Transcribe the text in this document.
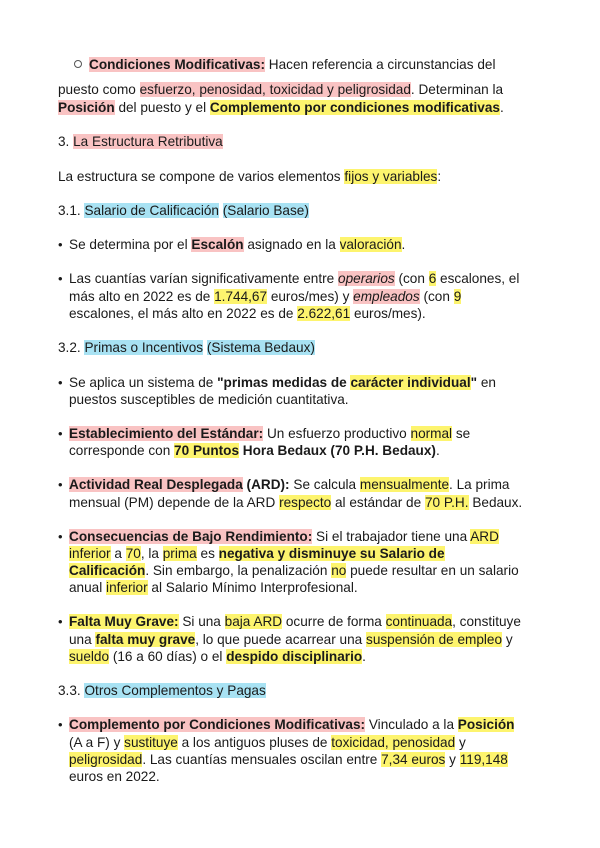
Condiciones Modificativas: Hacen referencia a circunstancias del
puesto como esfuerzo, penosidad, toxicidad y peligrosidad. Determinan la
Posición del puesto y el Complemento por condiciones modificativas.
3. La Estructura Retributiva
La estructura se compone de varios elementos fijos y variables:
3.1. Salario de Calificación (Salario Base)
• Se determina por el Escalón asignado en la valoración.
• Las cuantías varían significativamente entre operarios (con 6 escalones, el
más alto en 2022 es de 1.744,67 euros/mes) y empleados (con 9
escalones, el más alto en 2022 es de 2.622,61 euros/mes).
3.2. Primas o Incentivos (Sistema Bedaux)
• Se aplica un sistema de "primas medidas de carácter individual" en
puestos susceptibles de medición cuantitativa.
• Establecimiento del Estándar: Un esfuerzo productivo normal se
corresponde con 70 Puntos Hora Bedaux (70 P.H. Bedaux).
• Actividad Real Desplegada (ARD): Se calcula mensualmente. La prima
mensual (PM) depende de la ARD respecto al estándar de 70 P.H. Bedaux.
• Consecuencias de Bajo Rendimiento: Si el trabajador tiene una ARD
inferior a 70, la prima es negativa y disminuye su Salario de
Calificación. Sin embargo, la penalización no puede resultar en un salario
anual inferior al Salario Mínimo Interprofesional.
• Falta Muy Grave: Si una baja ARD ocurre de forma continuada, constituye
una falta muy grave, lo que puede acarrear una suspensión de empleo y
sueldo (16 a 60 días) o el despido disciplinario.
3.3. Otros Complementos y Pagas
• Complemento por Condiciones Modificativas: Vinculado a la Posición
(A a F) y sustituye a los antiguos pluses de toxicidad, penosidad y
peligrosidad. Las cuantías mensuales oscilan entre 7,34 euros y 119,148
euros en 2022.
